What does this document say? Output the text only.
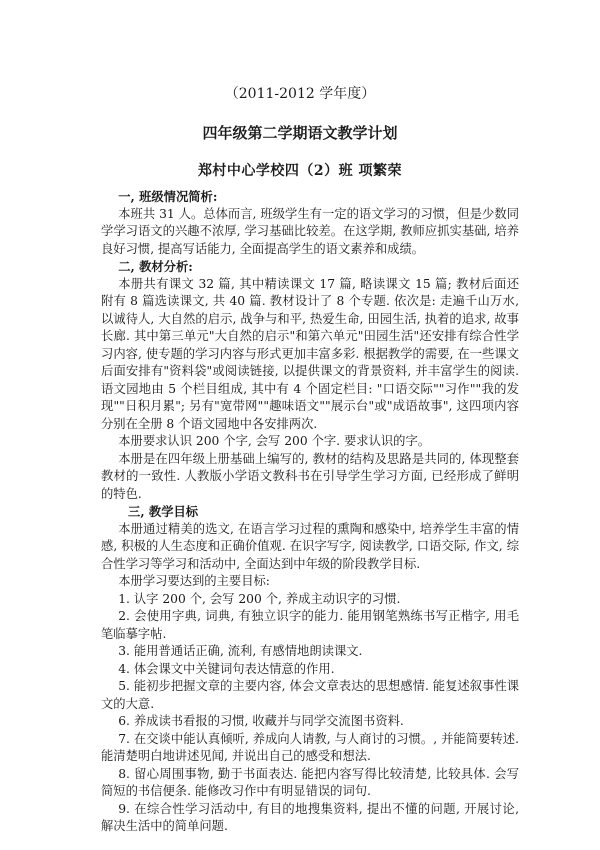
（2011-2012 学年度）
四年级第二学期语文教学计划
郑村中心学校四（2）班 项繁荣

一, 班级情况简析:

本班共 31 人。总体而言, 班级学生有一定的语文学习的习惯，但是少数同学学习语文的兴趣不浓厚, 学习基础比较差。在这学期, 教师应抓实基础, 培养良好习惯, 提高写话能力, 全面提高学生的语文素养和成绩。

二, 教材分析:

本册共有课文 32 篇, 其中精读课文 17 篇, 略读课文 15 篇; 教材后面还附有 8 篇选读课文, 共 40 篇. 教材设计了 8 个专题. 依次是: 走遍千山万水, 以诚待人, 大自然的启示, 战争与和平, 热爱生命, 田园生活, 执着的追求, 故事长廊. 其中第三单元"大自然的启示"和第六单元"田园生活"还安排有综合性学习内容, 使专题的学习内容与形式更加丰富多彩. 根据教学的需要, 在一些课文后面安排有"资料袋"或阅读链接, 以提供课文的背景资料, 并丰富学生的阅读. 语文园地由 5 个栏目组成, 其中有 4 个固定栏目: "口语交际""习作""我的发现""日积月累"; 另有"宽带网""趣味语文""展示台"或"成语故事", 这四项内容分别在全册 8 个语文园地中各安排两次.

本册要求认识 200 个字, 会写 200 个字. 要求认识的字。

本册是在四年级上册基础上编写的, 教材的结构及思路是共同的, 体现整套教材的一致性. 人教版小学语文教科书在引导学生学习方面, 已经形成了鲜明的特色.

三, 教学目标

本册通过精美的选文, 在语言学习过程的熏陶和感染中, 培养学生丰富的情感, 积极的人生态度和正确价值观. 在识字写字, 阅读教学, 口语交际, 作文, 综合性学习等学习和活动中, 全面达到中年级的阶段教学目标.

本册学习要达到的主要目标:

1. 认字 200 个, 会写 200 个, 养成主动识字的习惯.

2. 会使用字典, 词典, 有独立识字的能力. 能用钢笔熟练书写正楷字, 用毛笔临摹字帖.

3. 能用普通话正确, 流利, 有感情地朗读课文.

4. 体会课文中关键词句表达情意的作用.

5. 能初步把握文章的主要内容, 体会文章表达的思想感情. 能复述叙事性课文的大意.

6. 养成读书看报的习惯, 收藏并与同学交流图书资料.

7. 在交谈中能认真倾听, 养成向人请教, 与人商讨的习惯。, 并能简要转述. 能清楚明白地讲述见闻, 并说出自己的感受和想法.

8. 留心周围事物, 勤于书面表达. 能把内容写得比较清楚, 比较具体. 会写简短的书信便条. 能修改习作中有明显错误的词句.

9. 在综合性学习活动中, 有目的地搜集资料, 提出不懂的问题, 开展讨论, 解决生活中的简单问题.
